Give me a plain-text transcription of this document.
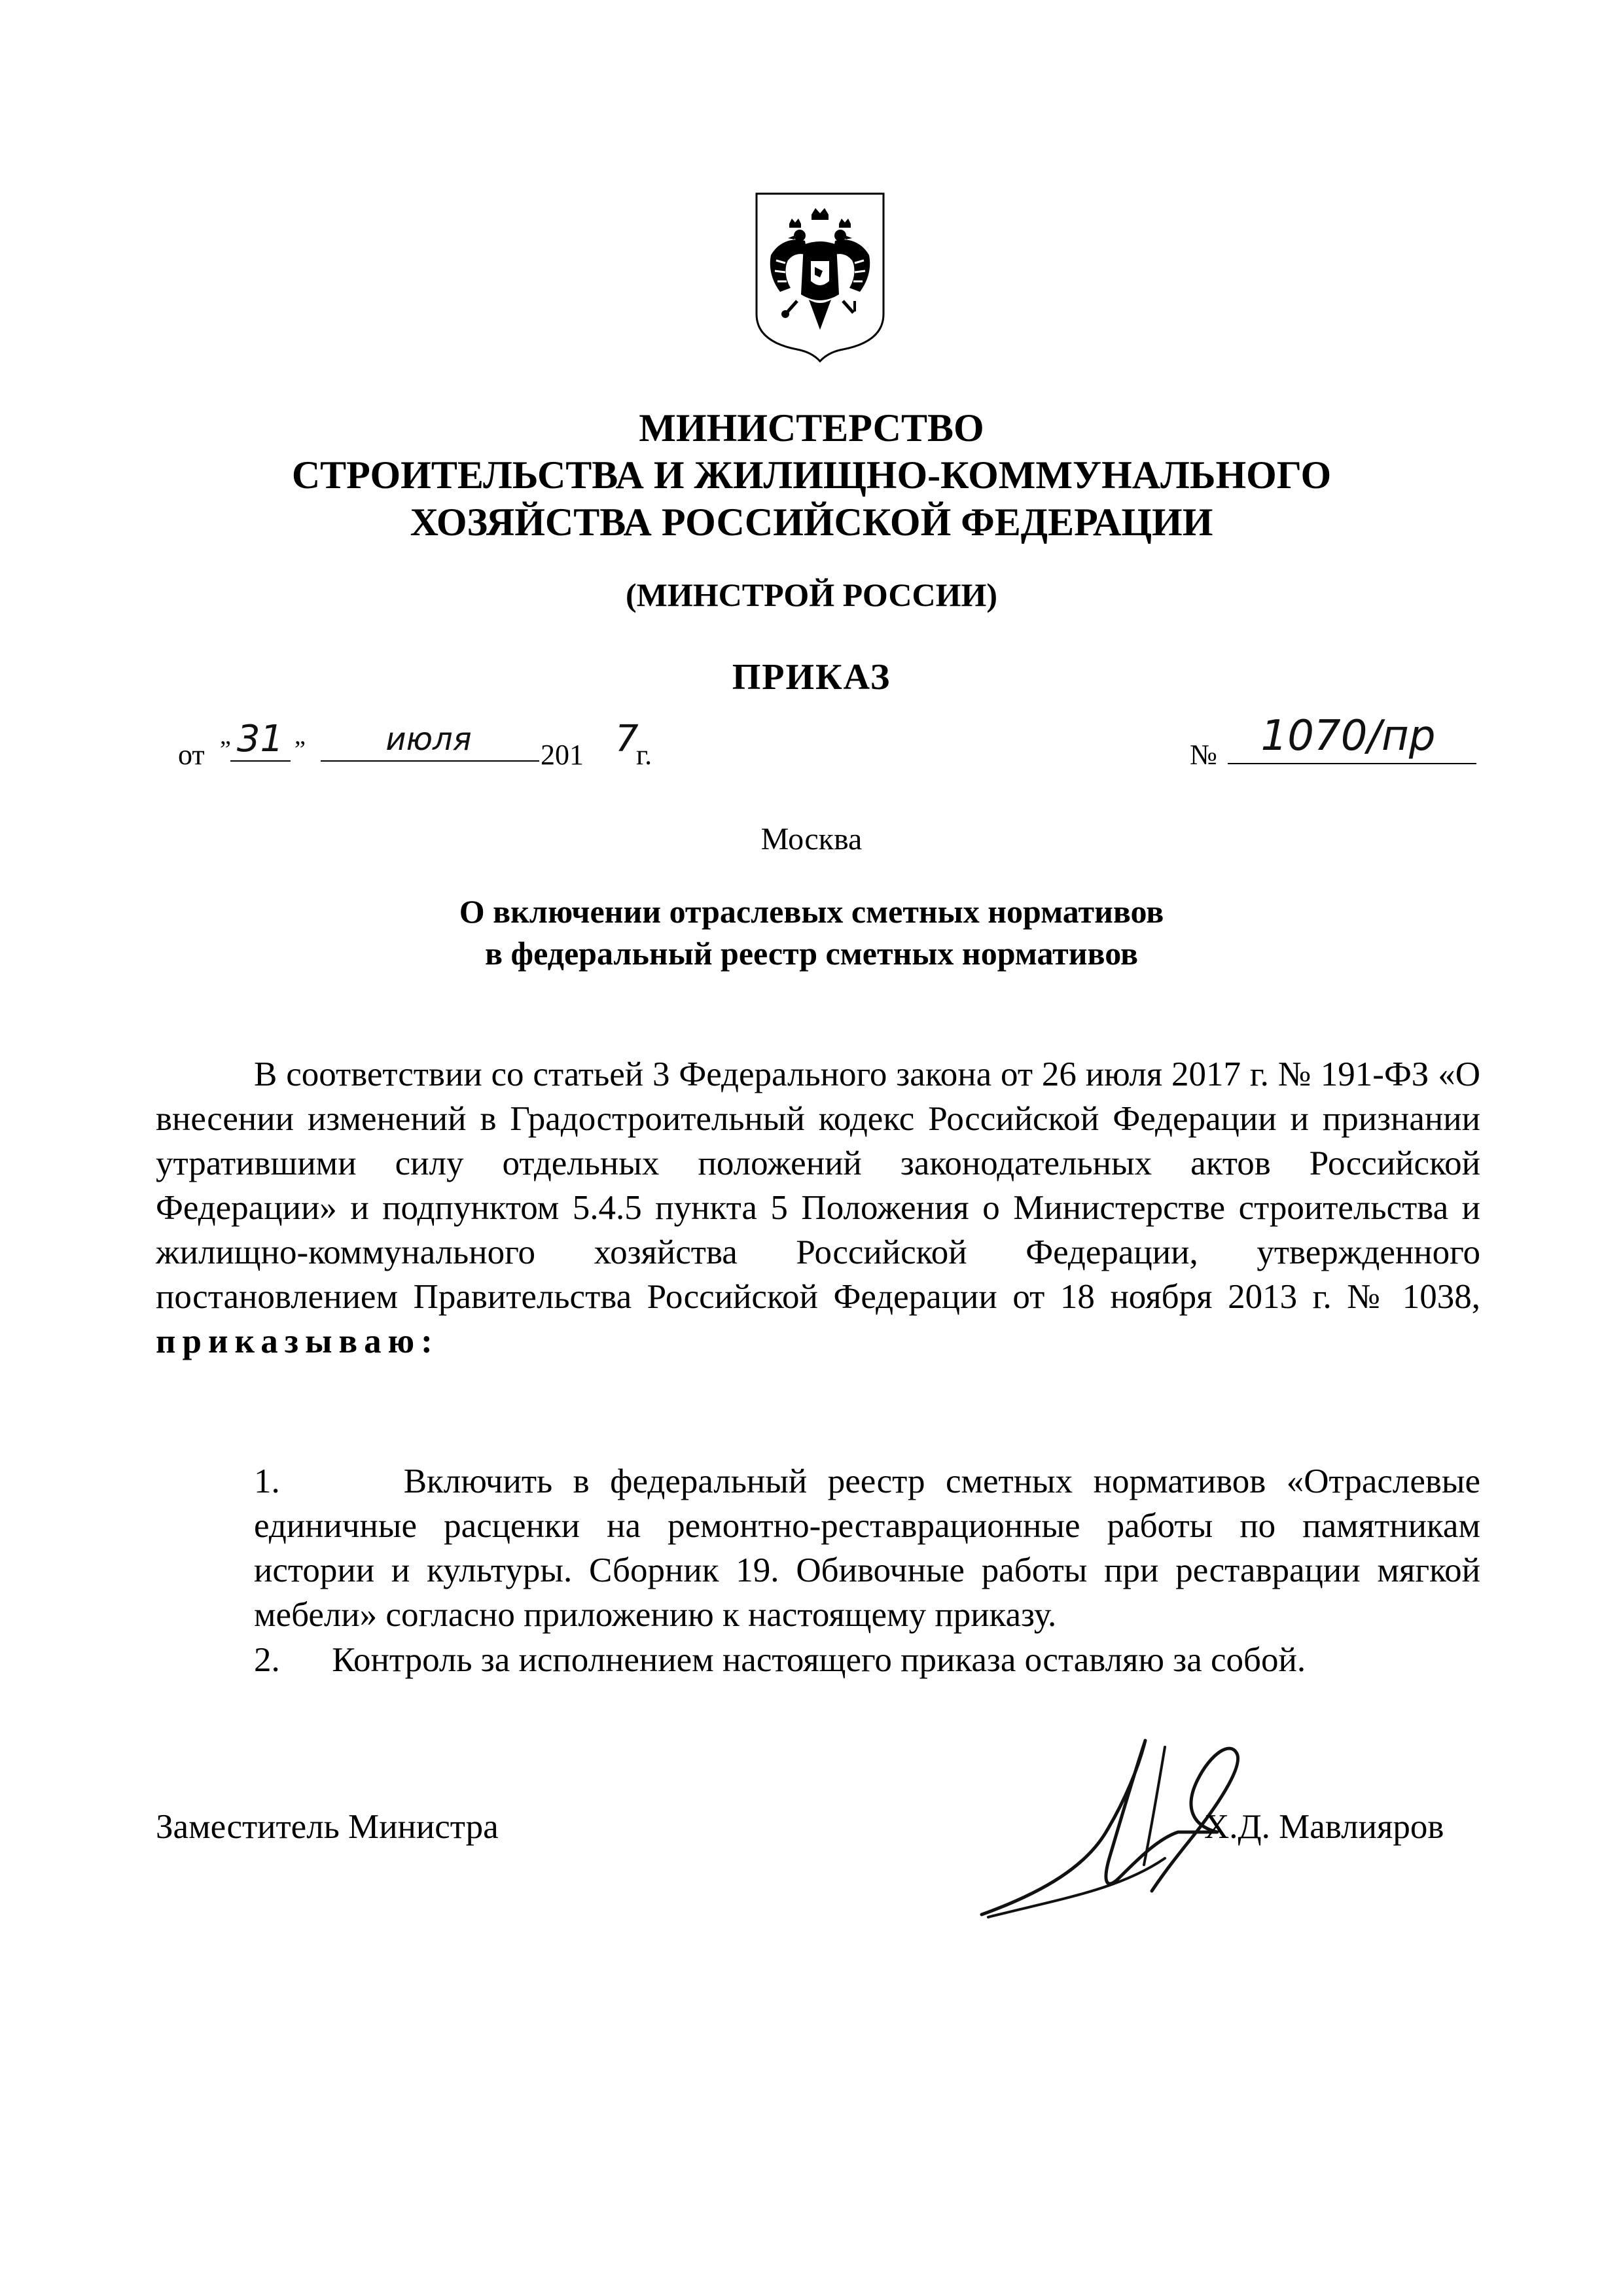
МИНИСТЕРСТВО
СТРОИТЕЛЬСТВА И ЖИЛИЩНО-КОММУНАЛЬНОГО
ХОЗЯЙСТВА РОССИЙСКОЙ ФЕДЕРАЦИИ
(МИНСТРОЙ РОССИИ)
ПРИКАЗ
от ” 31 ”	июля	201 7
г.	№	1070/пр
Москва
О включении отраслевых сметных нормативов
в федеральный реестр сметных нормативов
В соответствии со статьей 3 Федерального закона от 26 июля 2017 г. № 191-ФЗ «О внесении изменений в Градостроительный кодекс Российской Федерации и признании утратившими силу отдельных положений законодательных актов Российской Федерации» и подпунктом 5.4.5 пункта 5 Положения о Министерстве строительства и жилищно-коммунального хозяйства Российской Федерации, утвержденного постановлением Правительства Российской Федерации от 18 ноября 2013 г. № 1038, приказываю:
1.	Включить в федеральный реестр сметных нормативов «Отраслевые единичные расценки на ремонтно-реставрационные работы по памятникам истории и культуры. Сборник 19. Обивочные работы при реставрации мягкой мебели» согласно приложению к настоящему приказу.
2. Контроль за исполнением настоящего приказа оставляю за собой.
Заместитель Министра	Х.Д. Мавлияров
